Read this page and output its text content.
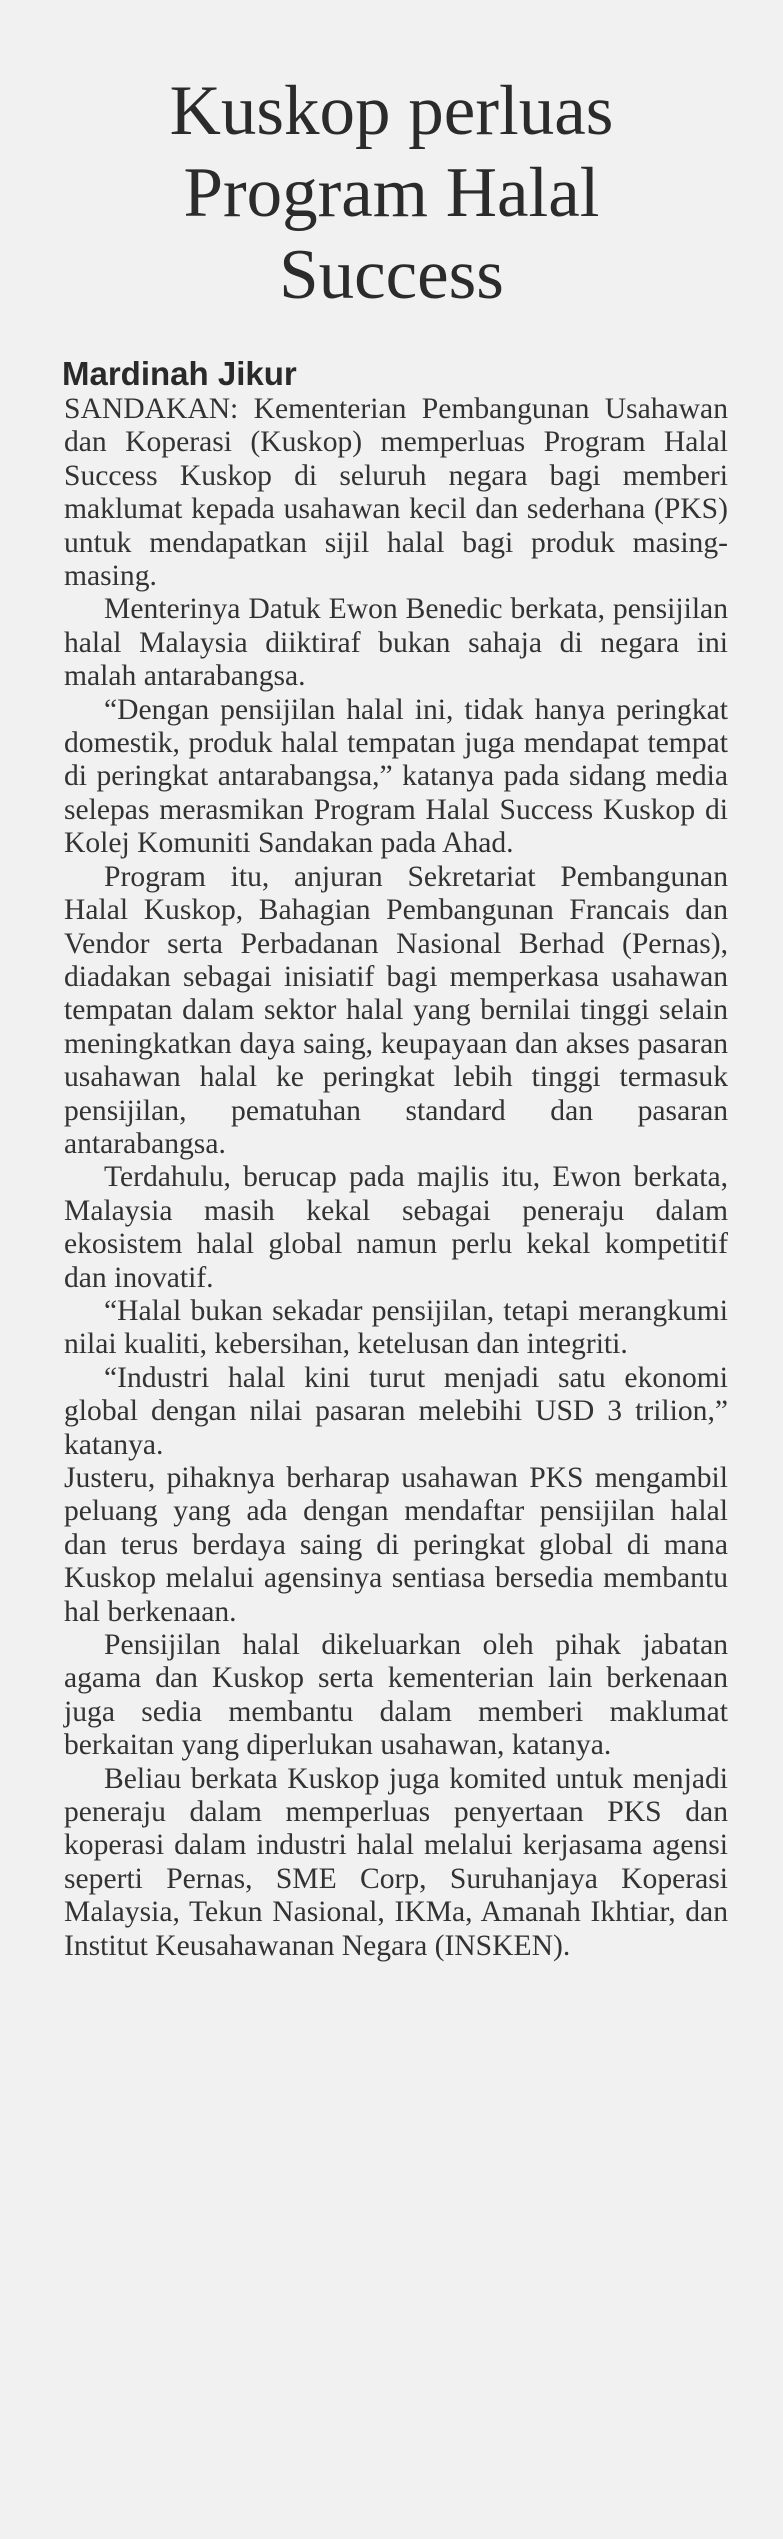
Kuskop perluas
Program Halal
Success
Mardinah Jikur

SANDAKAN: Kementerian Pembangunan Usahawan dan Koperasi (Kuskop) memperluas Program Halal Success Kuskop di seluruh negara bagi memberi maklumat kepada usahawan kecil dan sederhana (PKS) untuk mendapatkan sijil halal bagi produk masing-masing.

Menterinya Datuk Ewon Benedic berkata, pensijilan halal Malaysia diiktiraf bukan sahaja di negara ini malah antarabangsa.

“Dengan pensijilan halal ini, tidak hanya peringkat domestik, produk halal tempatan juga mendapat tempat di peringkat antarabangsa,” katanya pada sidang media selepas merasmikan Program Halal Success Kuskop di Kolej Komuniti Sandakan pada Ahad.

Program itu, anjuran Sekretariat Pembangunan Halal Kuskop, Bahagian Pembangunan Francais dan Vendor serta Perbadanan Nasional Berhad (Pernas), diadakan sebagai inisiatif bagi memperkasa usahawan tempatan dalam sektor halal yang bernilai tinggi selain meningkatkan daya saing, keupayaan dan akses pasaran usahawan halal ke peringkat lebih tinggi termasuk pensijilan, pematuhan standard dan pasaran antarabangsa.

Terdahulu, berucap pada majlis itu, Ewon berkata, Malaysia masih kekal sebagai peneraju dalam ekosistem halal global namun perlu kekal kompetitif dan inovatif.

“Halal bukan sekadar pensijilan, tetapi merangkumi nilai kualiti, kebersihan, ketelusan dan integriti.

“Industri halal kini turut menjadi satu ekonomi global dengan nilai pasaran melebihi USD 3 trilion,” katanya.

Justeru, pihaknya berharap usahawan PKS mengambil peluang yang ada dengan mendaftar pensijilan halal dan terus berdaya saing di peringkat global di mana Kuskop melalui agensinya sentiasa bersedia membantu hal berkenaan.

Pensijilan halal dikeluarkan oleh pihak jabatan agama dan Kuskop serta kementerian lain berkenaan juga sedia membantu dalam memberi maklumat berkaitan yang diperlukan usahawan, katanya.

Beliau berkata Kuskop juga komited untuk menjadi peneraju dalam memperluas penyertaan PKS dan koperasi dalam industri halal melalui kerjasama agensi seperti Pernas, SME Corp, Suruhanjaya Koperasi Malaysia, Tekun Nasional, IKMa, Amanah Ikhtiar, dan Institut Keusahawanan Negara (INSKEN).
